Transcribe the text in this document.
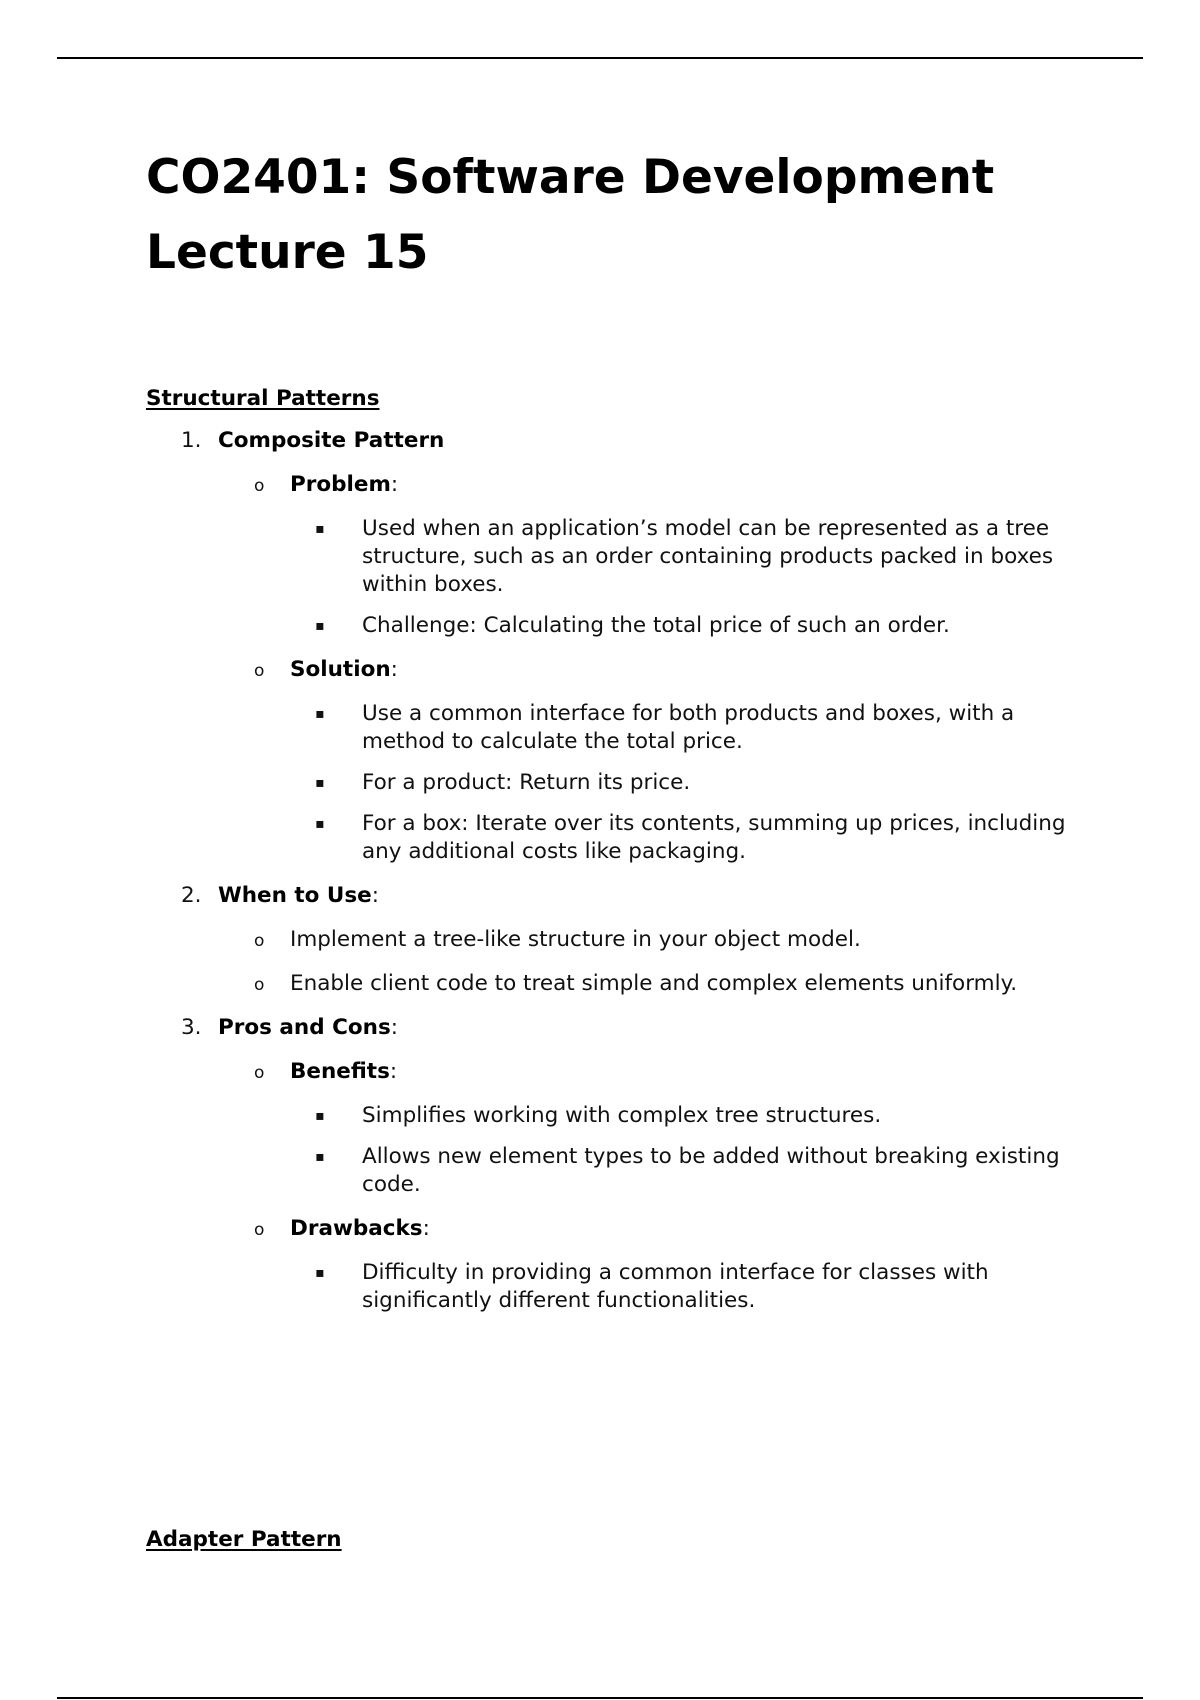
CO2401: Software Development
Lecture 15
Structural Patterns
1. Composite Pattern
o Problem:
▪	Used when an application’s model can be represented as a tree structure, such as an order containing products packed in boxes within boxes.
▪	Challenge: Calculating the total price of such an order.
o Solution:
▪	Use a common interface for both products and boxes, with a method to calculate the total price.
▪	For a product: Return its price.
▪	For a box: Iterate over its contents, summing up prices, including any additional costs like packaging.
2. When to Use:
o Implement a tree-like structure in your object model.
o Enable client code to treat simple and complex elements uniformly.
3. Pros and Cons:
o Benefits:
▪	Simplifies working with complex tree structures.
▪	Allows new element types to be added without breaking existing code.
o Drawbacks:
▪	Difficulty in providing a common interface for classes with significantly different functionalities.
Adapter Pattern
